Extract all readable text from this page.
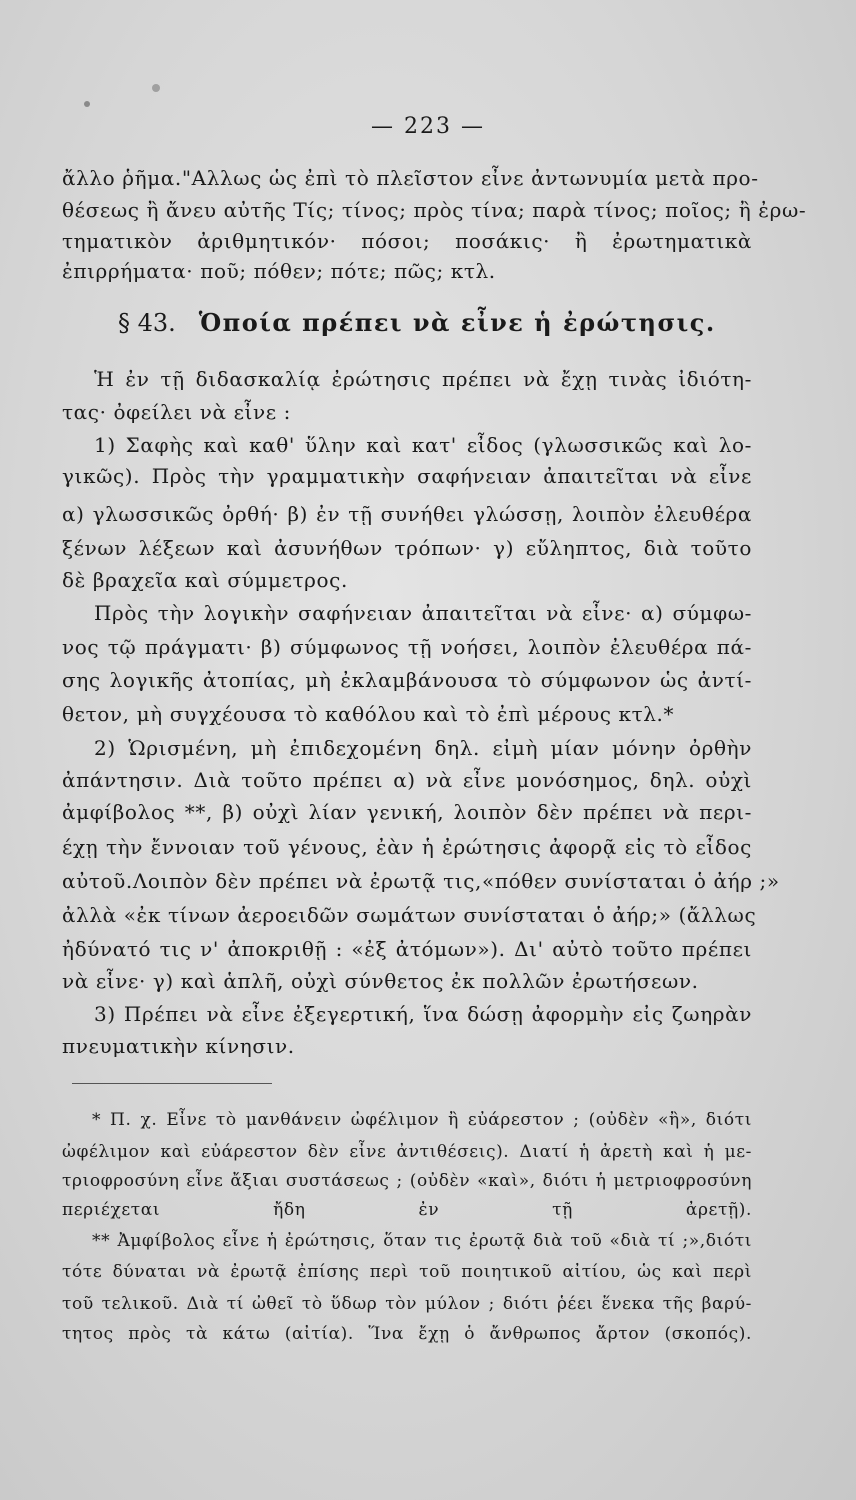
— 223 —
ἄλλο ῥῆμα."Αλλως ὡς ἐπὶ τὸ πλεῖστον εἶνε ἀντωνυμία μετὰ προ-
θέσεως ἢ ἄνευ αὐτῆς Τίς; τίνος; πρὸς τίνα; παρὰ τίνος; ποῖος; ἢ ἐρω-
τηματικὸν ἀριθμητικόν· πόσοι; ποσάκις· ἢ ἐρωτηματικὰ
ἐπιρρήματα· ποῦ; πόθεν; πότε; πῶς; κτλ.
§ 43. Ὁποία πρέπει νὰ εἶνε ἡ ἐρώτησις.
Ἡ ἐν τῇ διδασκαλίᾳ ἐρώτησις πρέπει νὰ ἔχῃ τινὰς ἰδιότη-
τας· ὀφείλει νὰ εἶνε :
1) Σαφὴς καὶ καθ' ὕλην καὶ κατ' εἶδος (γλωσσικῶς καὶ λο-
γικῶς). Πρὸς τὴν γραμματικὴν σαφήνειαν ἀπαιτεῖται νὰ εἶνε
α) γλωσσικῶς ὀρθή· β) ἐν τῇ συνήθει γλώσσῃ, λοιπὸν ἐλευθέρα
ξένων λέξεων καὶ ἀσυνήθων τρόπων· γ) εὔληπτος, διὰ τοῦτο
δὲ βραχεῖα καὶ σύμμετρος.
Πρὸς τὴν λογικὴν σαφήνειαν ἀπαιτεῖται νὰ εἶνε· α) σύμφω-
νος τῷ πράγματι· β) σύμφωνος τῇ νοήσει, λοιπὸν ἐλευθέρα πά-
σης λογικῆς ἀτοπίας, μὴ ἐκλαμβάνουσα τὸ σύμφωνον ὡς ἀντί-
θετον, μὴ συγχέουσα τὸ καθόλου καὶ τὸ ἐπὶ μέρους κτλ.*
2) Ὡρισμένη, μὴ ἐπιδεχομένη δηλ. εἰμὴ μίαν μόνην ὀρθὴν
ἀπάντησιν. Διὰ τοῦτο πρέπει α) νὰ εἶνε μονόσημος, δηλ. οὐχὶ
ἀμφίβολος **, β) οὐχὶ λίαν γενική, λοιπὸν δὲν πρέπει νὰ περι-
έχῃ τὴν ἔννοιαν τοῦ γένους, ἐὰν ἡ ἐρώτησις ἀφορᾷ εἰς τὸ εἶδος
αὐτοῦ.Λοιπὸν δὲν πρέπει νὰ ἐρωτᾷ τις,«πόθεν συνίσταται ὁ ἀήρ ;»
ἀλλὰ «ἐκ τίνων ἀεροειδῶν σωμάτων συνίσταται ὁ ἀήρ;» (ἄλλως
ἠδύνατό τις ν' ἀποκριθῇ : «ἐξ ἀτόμων»). Δι' αὐτὸ τοῦτο πρέπει
νὰ εἶνε· γ) καὶ ἁπλῆ, οὐχὶ σύνθετος ἐκ πολλῶν ἐρωτήσεων.
3) Πρέπει νὰ εἶνε ἐξεγερτική, ἵνα δώσῃ ἀφορμὴν εἰς ζωηρὰν
πνευματικὴν κίνησιν.
* Π. χ. Εἶνε τὸ μανθάνειν ὠφέλιμον ἢ εὐάρεστον ; (οὐδὲν «ἢ», διότι
ὠφέλιμον καὶ εὐάρεστον δὲν εἶνε ἀντιθέσεις). Διατί ἡ ἀρετὴ καὶ ἡ με-
τριοφροσύνη εἶνε ἄξιαι συστάσεως ; (οὐδὲν «καὶ», διότι ἡ μετριοφροσύνη
περιέχεται ἤδη ἐν τῇ ἀρετῇ).
** Ἀμφίβολος εἶνε ἡ ἐρώτησις, ὅταν τις ἐρωτᾷ διὰ τοῦ «διὰ τί ;»,διότι
τότε δύναται νὰ ἐρωτᾷ ἐπίσης περὶ τοῦ ποιητικοῦ αἰτίου, ὡς καὶ περὶ
τοῦ τελικοῦ. Διὰ τί ὠθεῖ τὸ ὕδωρ τὸν μύλον ; διότι ῥέει ἕνεκα τῆς βαρύ-
τητος πρὸς τὰ κάτω (αἰτία). Ἵνα ἔχῃ ὁ ἄνθρωπος ἄρτον (σκοπός).
